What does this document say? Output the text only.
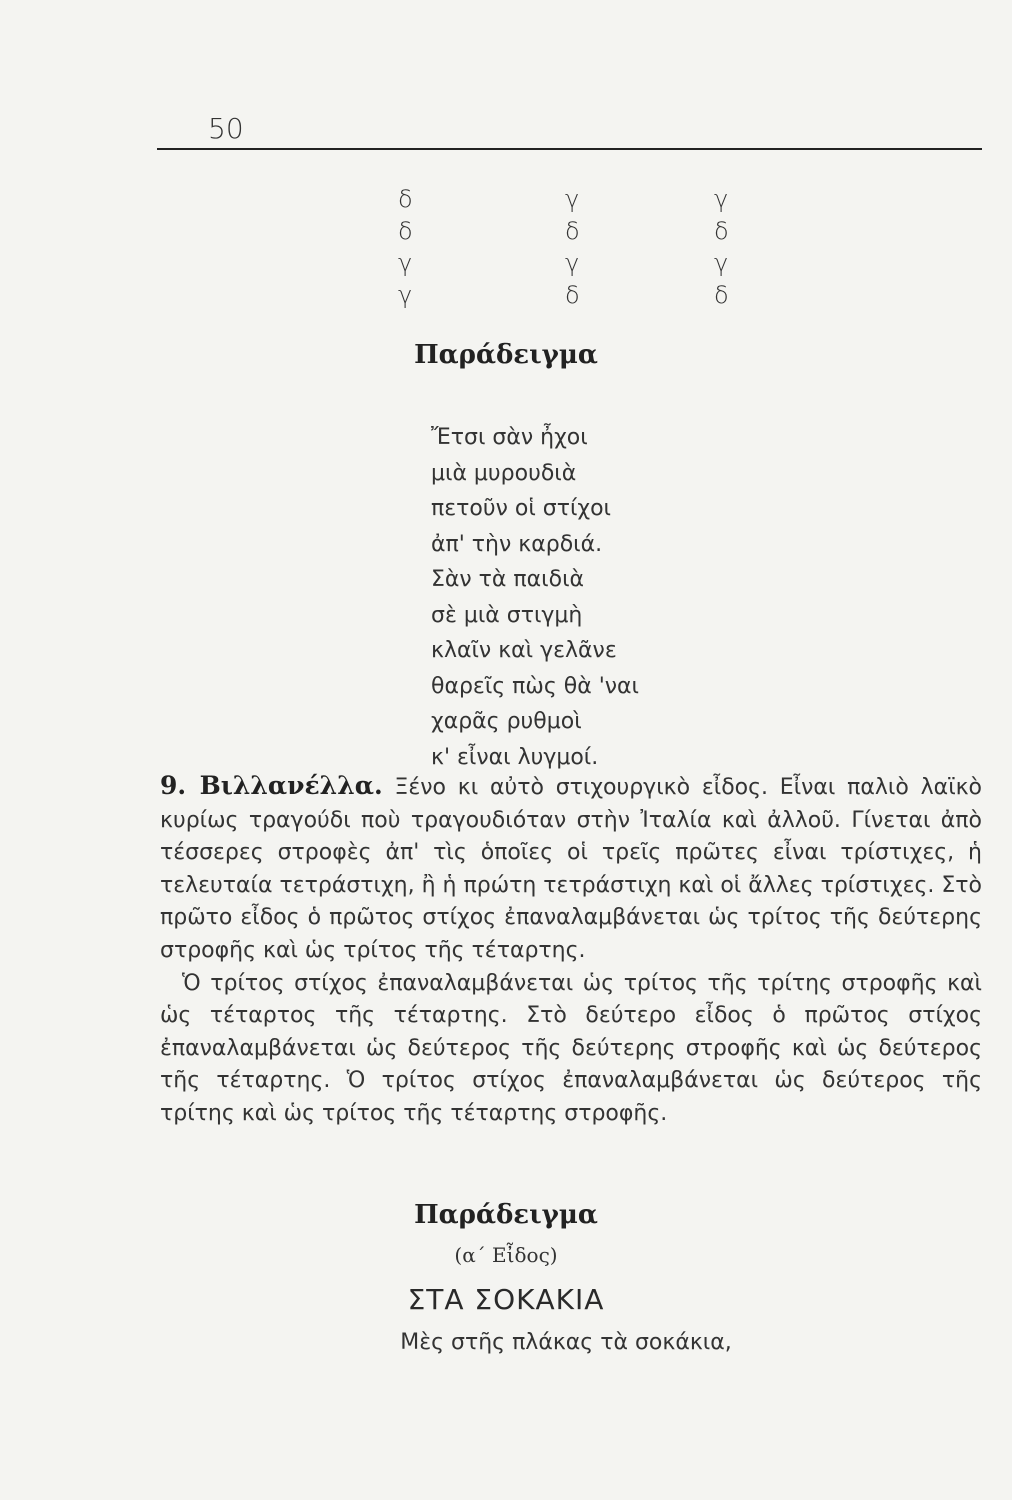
50
δ	γ	γ
δ	δ	δ
γ	γ	γ
γ	δ	δ
Παράδειγμα
Ἔτσι σὰν ἦχοι
μιὰ μυρουδιὰ
πετοῦν οἱ στίχοι
ἀπ' τὴν καρδιά.
Σὰν τὰ παιδιὰ
σὲ μιὰ στιγμὴ
κλαῖν καὶ γελᾶνε
θαρεῖς πὼς θὰ 'ναι
χαρᾶς ρυθμοὶ
κ' εἶναι λυγμοί.

9. Βιλλανέλλα. Ξένο κι αὐτὸ στιχουργικὸ εἶδος. Εἶναι παλιὸ λαϊκὸ κυρίως τραγούδι ποὺ τραγουδιόταν στὴν Ἰταλία καὶ ἀλλοῦ. Γίνεται ἀπὸ τέσσερες στροφὲς ἀπ' τὶς ὁποῖες οἱ τρεῖς πρῶτες εἶναι τρίστιχες, ἡ τελευταία τετράστιχη, ἢ ἡ πρώτη τετράστιχη καὶ οἱ ἄλλες τρίστιχες. Στὸ πρῶτο εἶδος ὁ πρῶτος στίχος ἐπαναλαμβάνεται ὡς τρίτος τῆς δεύτερης στροφῆς καὶ ὡς τρίτος τῆς τέταρτης.

Ὁ τρίτος στίχος ἐπαναλαμβάνεται ὡς τρίτος τῆς τρίτης στροφῆς καὶ ὡς τέταρτος τῆς τέταρτης. Στὸ δεύτερο εἶδος ὁ πρῶτος στίχος ἐπαναλαμβάνεται ὡς δεύτερος τῆς δεύτερης στροφῆς καὶ ὡς δεύτερος τῆς τέταρτης. Ὁ τρίτος στίχος ἐπαναλαμβάνεται ὡς δεύτερος τῆς τρίτης καὶ ὡς τρίτος τῆς τέταρτης στροφῆς.

Παράδειγμα
(α΄ Εἶδος)
ΣΤΑ ΣΟΚΑΚΙΑ
Μὲς στῆς πλάκας τὰ σοκάκια,
